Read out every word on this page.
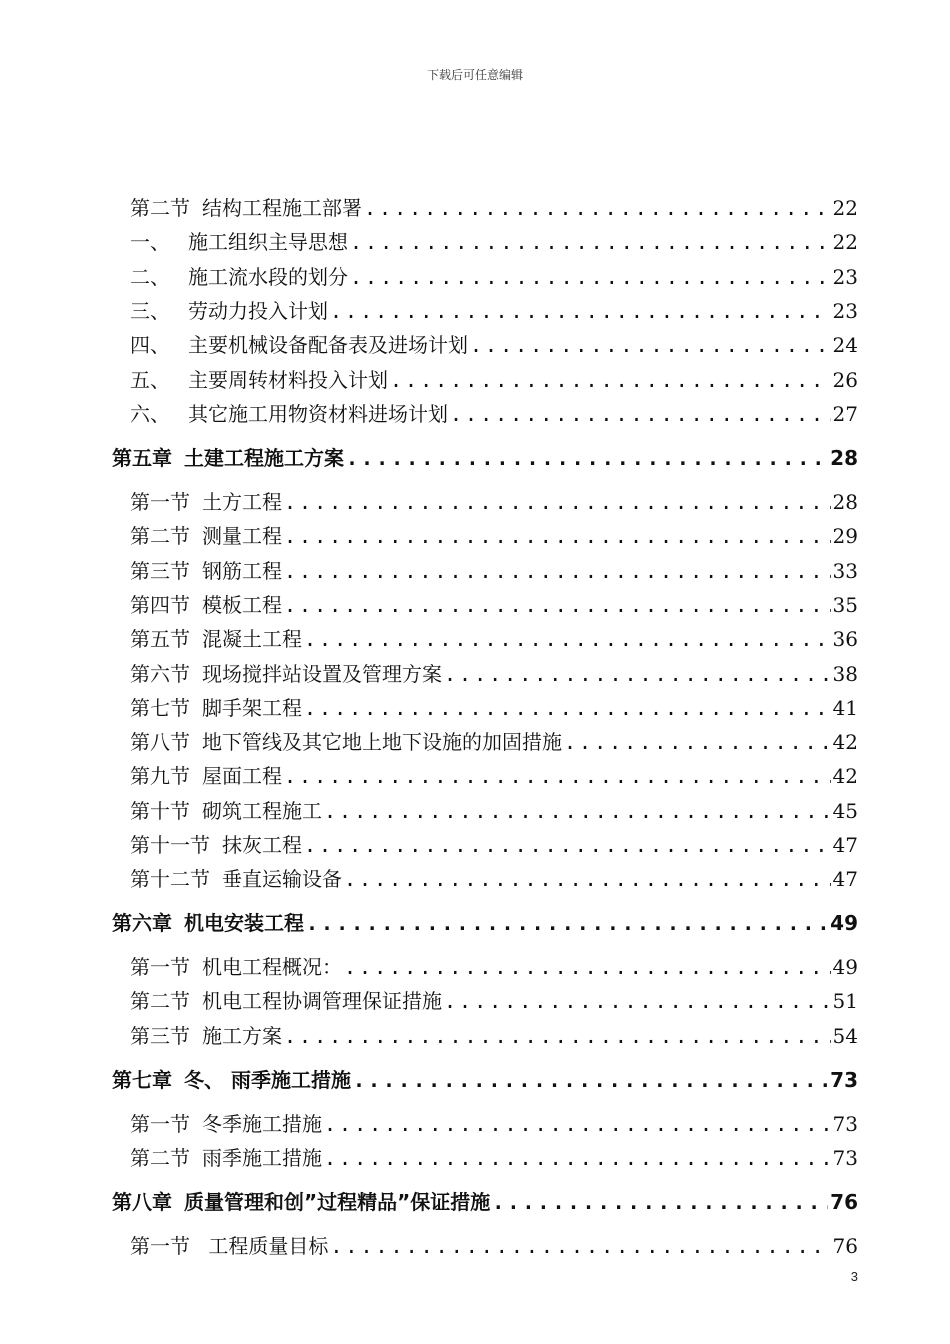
下载后可任意编辑
第二节 结构工程施工部署 .....	22
一、 施工组织主导思想 .....	22
二、 施工流水段的划分 .....	23
三、 劳动力投入计划 .....	23
四、 主要机械设备配备表及进场计划 .....	24
五、 主要周转材料投入计划 .....	26
六、 其它施工用物资材料进场计划 .....	27
第五章 土建工程施工方案 .....	28
第一节 土方工程 .....	28
第二节 测量工程 .....	29
第三节 钢筋工程 .....	33
第四节 模板工程 .....	35
第五节 混凝土工程 .....	36
第六节 现场搅拌站设置及管理方案 .....	38
第七节 脚手架工程 .....	41
第八节 地下管线及其它地上地下设施的加固措施 .....	42
第九节 屋面工程 .....	42
第十节 砌筑工程施工 .....	45
第十一节 抹灰工程 .....	47
第十二节 垂直运输设备 .....	47
第六章 机电安装工程 .....	49
第一节 机电工程概况： .....	49
第二节 机电工程协调管理保证措施 .....	51
第三节 施工方案 .....	54
第七章 冬、 雨季施工措施 .....	73
第一节 冬季施工措施 .....	73
第二节 雨季施工措施 .....	73
第八章 质量管理和创”过程精品”保证措施 .....	76
第一节 工程质量目标 .....	76
3
